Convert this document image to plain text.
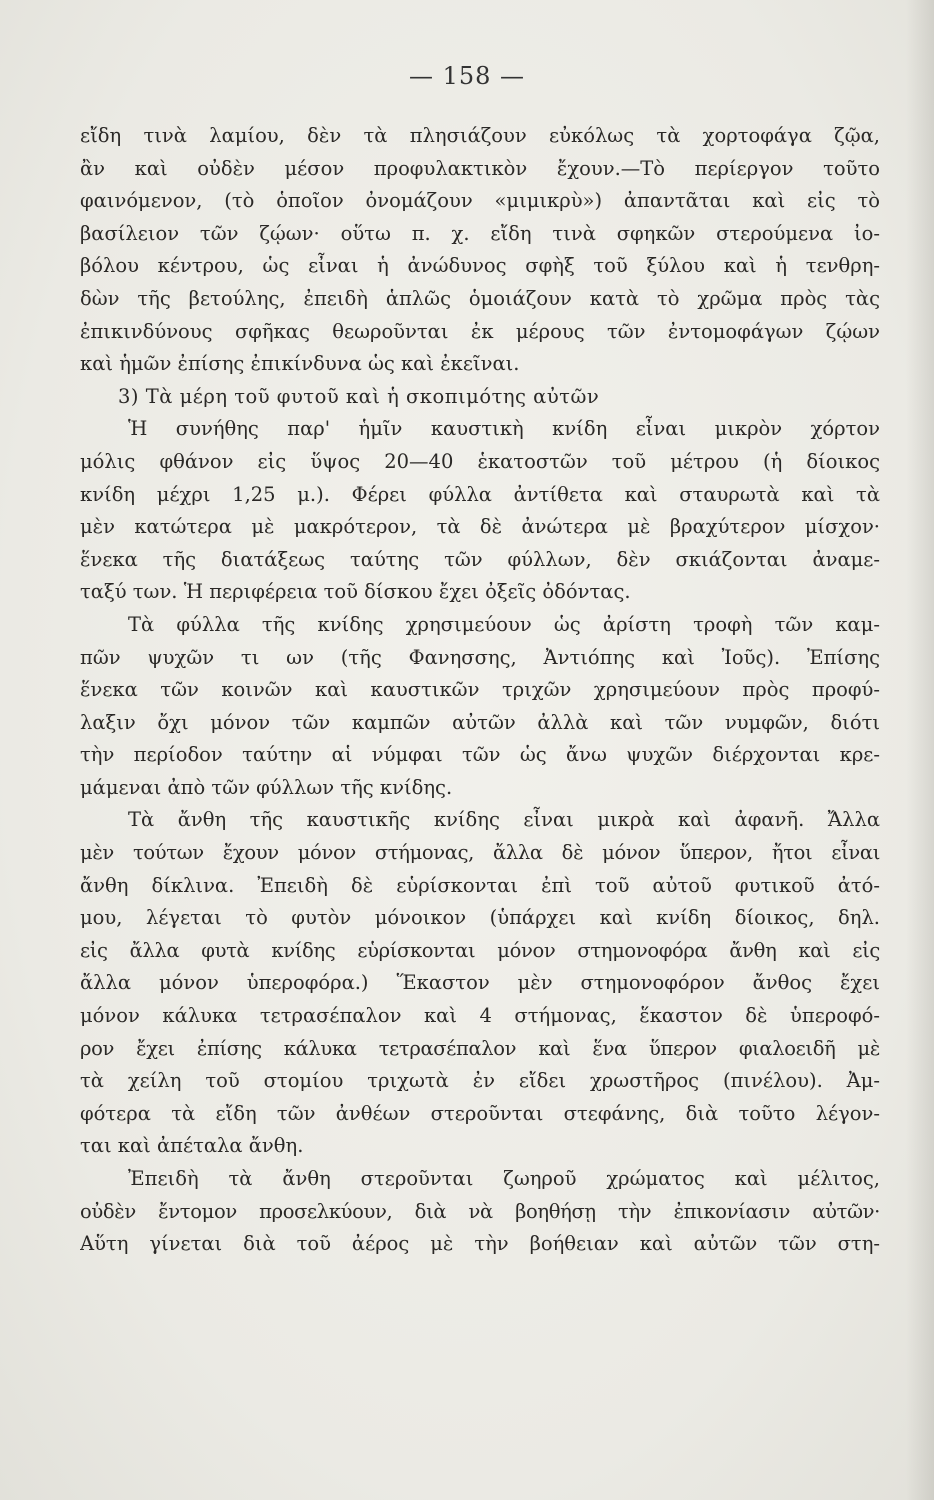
— 158 —
εἴδη τινὰ λαμίου, δὲν τὰ πλησιάζουν εὐκόλως τὰ χορτοφάγα ζῷα,
ἂν καὶ οὐδὲν μέσον προφυλακτικὸν ἔχουν.—Τὸ περίεργον τοῦτο
φαινόμενον, (τὸ ὁποῖον ὀνομάζουν «μιμικρὺ») ἀπαντᾶται καὶ εἰς τὸ
βασίλειον τῶν ζῴων· οὕτω π. χ. εἴδη τινὰ σφηκῶν στερούμενα ἰο-
βόλου κέντρου, ὡς εἶναι ἡ ἀνώδυνος σφὴξ τοῦ ξύλου καὶ ἡ τενθρη-
δὼν τῆς βετούλης, ἐπειδὴ ἁπλῶς ὁμοιάζουν κατὰ τὸ χρῶμα πρὸς τὰς
ἐπικινδύνους σφῆκας θεωροῦνται ἐκ μέρους τῶν ἐντομοφάγων ζῴων
καὶ ἡμῶν ἐπίσης ἐπικίνδυνα ὡς καὶ ἐκεῖναι.
3) Τὰ μέρη τοῦ φυτοῦ καὶ ἡ σκοπιμότης αὐτῶν
Ἡ συνήθης παρ' ἡμῖν καυστικὴ κνίδη εἶναι μικρὸν χόρτον
μόλις φθάνον εἰς ὕψος 20—40 ἑκατοστῶν τοῦ μέτρου (ἡ δίοικος
κνίδη μέχρι 1,25 μ.). Φέρει φύλλα ἀντίθετα καὶ σταυρωτὰ καὶ τὰ
μὲν κατώτερα μὲ μακρότερον, τὰ δὲ ἀνώτερα μὲ βραχύτερον μίσχον·
ἕνεκα τῆς διατάξεως ταύτης τῶν φύλλων, δὲν σκιάζονται ἀναμε-
ταξύ των. Ἡ περιφέρεια τοῦ δίσκου ἔχει ὀξεῖς ὀδόντας.
Τὰ φύλλα τῆς κνίδης χρησιμεύουν ὡς ἀρίστη τροφὴ τῶν καμ-
πῶν ψυχῶν τι ων (τῆς Φανησσης, Ἀντιόπης καὶ Ἰοῦς). Ἐπίσης
ἕνεκα τῶν κοινῶν καὶ καυστικῶν τριχῶν χρησιμεύουν πρὸς προφύ-
λαξιν ὄχι μόνον τῶν καμπῶν αὐτῶν ἀλλὰ καὶ τῶν νυμφῶν, διότι
τὴν περίοδον ταύτην αἱ νύμφαι τῶν ὡς ἄνω ψυχῶν διέρχονται κρε-
μάμεναι ἀπὸ τῶν φύλλων τῆς κνίδης.
Τὰ ἄνθη τῆς καυστικῆς κνίδης εἶναι μικρὰ καὶ ἀφανῆ. Ἄλλα
μὲν τούτων ἔχουν μόνον στήμονας, ἄλλα δὲ μόνον ὕπερον, ἤτοι εἶναι
ἄνθη δίκλινα. Ἐπειδὴ δὲ εὑρίσκονται ἐπὶ τοῦ αὐτοῦ φυτικοῦ ἀτό-
μου, λέγεται τὸ φυτὸν μόνοικον (ὑπάρχει καὶ κνίδη δίοικος, δηλ.
εἰς ἄλλα φυτὰ κνίδης εὑρίσκονται μόνον στημονοφόρα ἄνθη καὶ εἰς
ἄλλα μόνον ὑπεροφόρα.) Ἕκαστον μὲν στημονοφόρον ἄνθος ἔχει
μόνον κάλυκα τετρασέπαλον καὶ 4 στήμονας, ἕκαστον δὲ ὑπεροφό-
ρον ἔχει ἐπίσης κάλυκα τετρασέπαλον καὶ ἕνα ὕπερον φιαλοειδῆ μὲ
τὰ χείλη τοῦ στομίου τριχωτὰ ἐν εἴδει χρωστῆρος (πινέλου). Ἀμ-
φότερα τὰ εἴδη τῶν ἀνθέων στεροῦνται στεφάνης, διὰ τοῦτο λέγον-
ται καὶ ἀπέταλα ἄνθη.
Ἐπειδὴ τὰ ἄνθη στεροῦνται ζωηροῦ χρώματος καὶ μέλιτος,
οὐδὲν ἔντομον προσελκύουν, διὰ νὰ βοηθήσῃ τὴν ἐπικονίασιν αὐτῶν·
Αὕτη γίνεται διὰ τοῦ ἀέρος μὲ τὴν βοήθειαν καὶ αὐτῶν τῶν στη-
